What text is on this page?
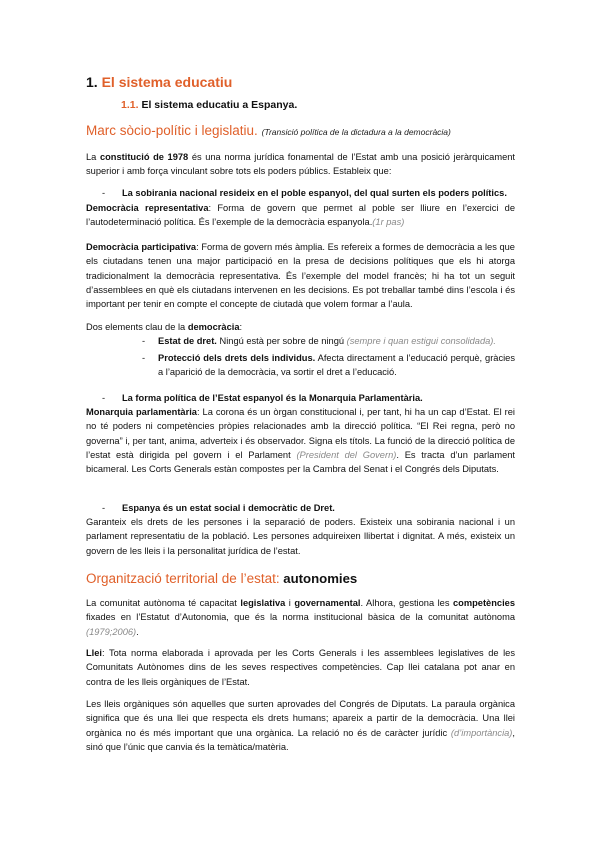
1. El sistema educatiu
1.1. El sistema educatiu a Espanya.
Marc sòcio-polític i legislatiu. (Transició política de la dictadura a la democràcia)
La constitució de 1978 és una norma jurídica fonamental de l’Estat amb una posició jeràrquicament superior i amb força vinculant sobre tots els poders públics. Estableix que:
- La sobirania nacional resideix en el poble espanyol, del qual surten els poders polítics.
Democràcia representativa: Forma de govern que permet al poble ser lliure en l’exercici de l’autodeterminació política. És l’exemple de la democràcia espanyola.(1r pas)
Democràcia participativa: Forma de govern més àmplia. Es refereix a formes de democràcia a les que els ciutadans tenen una major participació en la presa de decisions polítiques que els hi atorga tradicionalment la democràcia representativa. És l’exemple del model francès; hi ha tot un seguit d’assemblees en què els ciutadans intervenen en les decisions. Es pot treballar també dins l’escola i és important per tenir en compte el concepte de ciutadà que volem formar a l’aula.
Dos elements clau de la democràcia:
- Estat de dret. Ningú està per sobre de ningú (sempre i quan estigui consolidada).
- Protecció dels drets dels individus. Afecta directament a l’educació perquè, gràcies a l’aparició de la democràcia, va sortir el dret a l’educació.
- La forma política de l’Estat espanyol és la Monarquia Parlamentària.
Monarquia parlamentària: La corona és un òrgan constitucional i, per tant, hi ha un cap d’Estat. El rei no té poders ni competències pròpies relacionades amb la direcció política. “El Rei regna, però no governa” i, per tant, anima, adverteix i és observador. Signa els títols. La funció de la direcció política de l’estat està dirigida pel govern i el Parlament (President del Govern). Es tracta d’un parlament bicameral. Les Corts Generals estàn compostes per la Cambra del Senat i el Congrés dels Diputats.
- Espanya és un estat social i democràtic de Dret.
Garanteix els drets de les persones i la separació de poders. Existeix una sobirania nacional i un parlament representatiu de la població. Les persones adquireixen llibertat i dignitat. A més, existeix un govern de les lleis i la personalitat jurídica de l’estat.
Organització territorial de l’estat: autonomies
La comunitat autònoma té capacitat legislativa i governamental. Alhora, gestiona les competències fixades en l’Estatut d’Autonomia, que és la norma institucional bàsica de la comunitat autònoma (1979;2006).
Llei: Tota norma elaborada i aprovada per les Corts Generals i les assemblees legislatives de les Comunitats Autònomes dins de les seves respectives competències. Cap llei catalana pot anar en contra de les lleis orgàniques de l’Estat.
Les lleis orgàniques són aquelles que surten aprovades del Congrés de Diputats. La paraula orgànica significa que és una llei que respecta els drets humans; apareix a partir de la democràcia. Una llei orgànica no és més important que una orgànica. La relació no és de caràcter jurídic (d’importància), sinó que l’únic que canvia és la temàtica/matèria.
